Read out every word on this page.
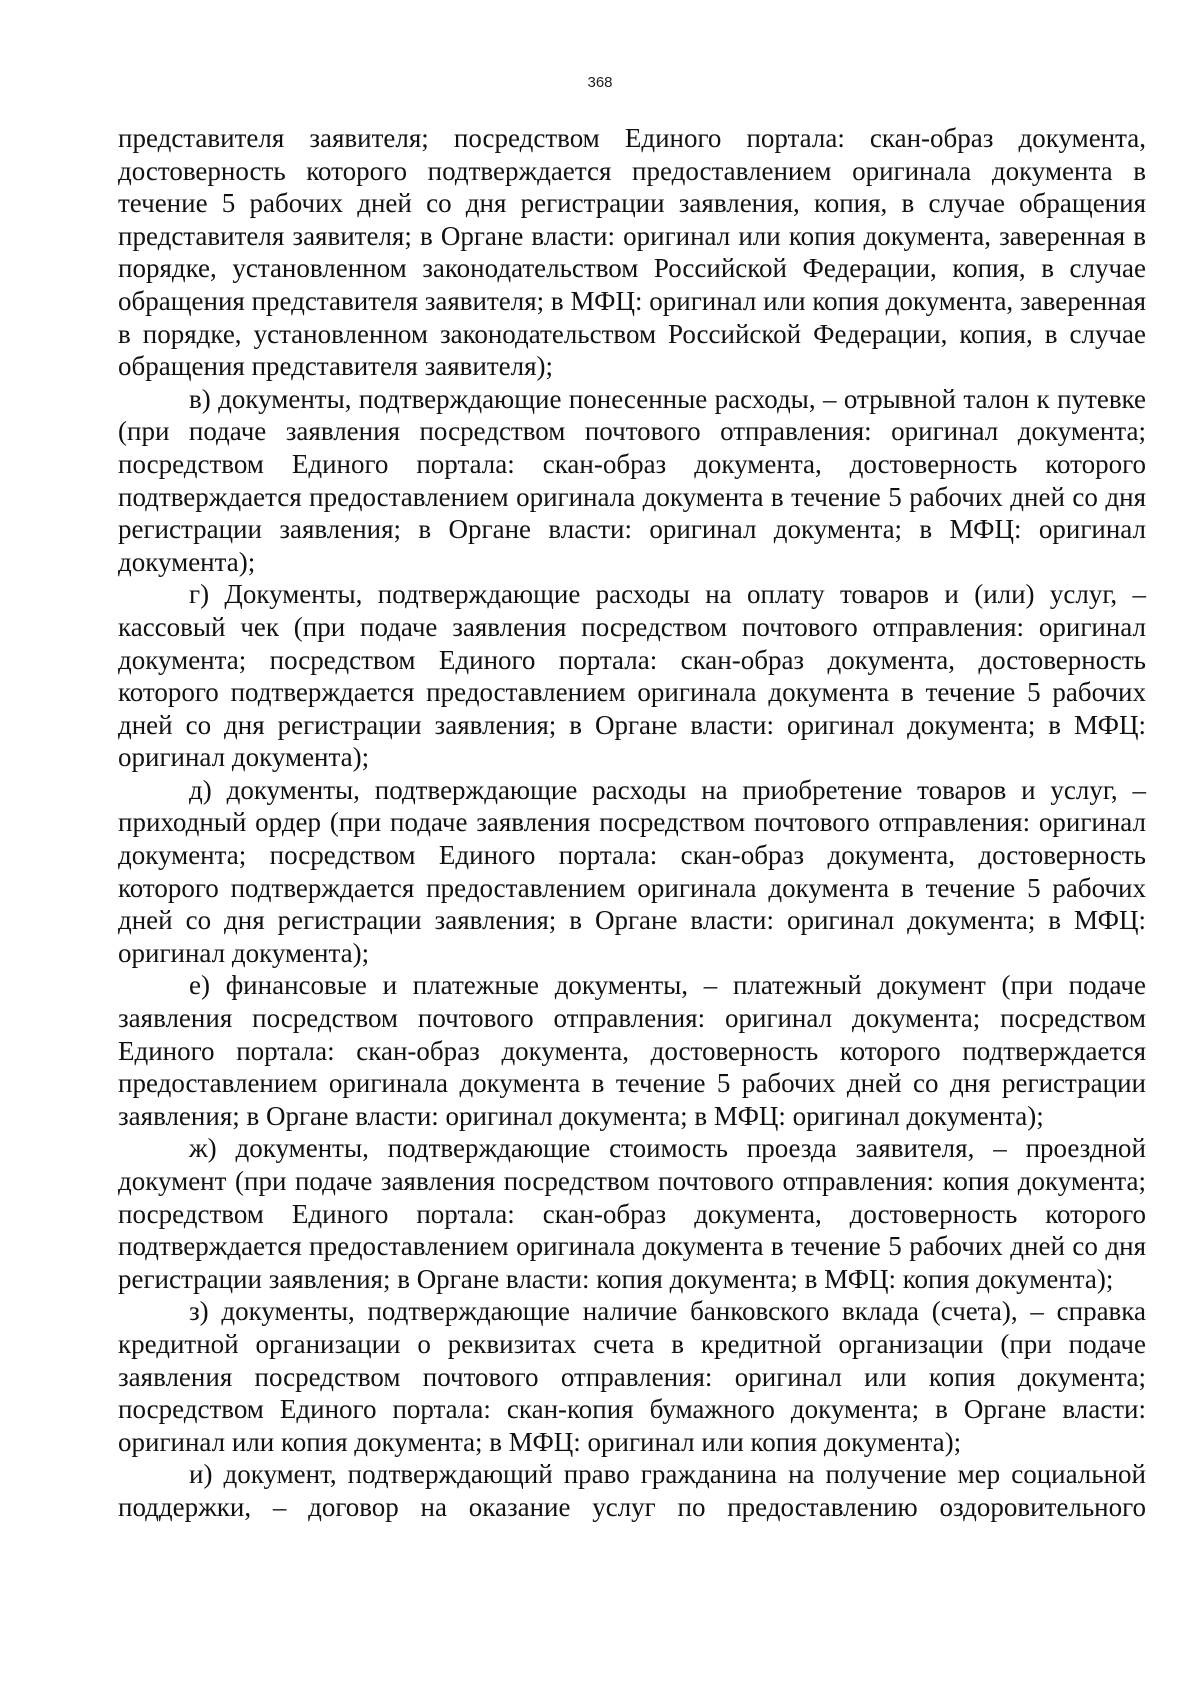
368

представителя заявителя; посредством Единого портала: скан-образ документа, достоверность которого подтверждается предоставлением оригинала документа в течение 5 рабочих дней со дня регистрации заявления, копия, в случае обращения представителя заявителя; в Органе власти: оригинал или копия документа, заверенная в порядке, установленном законодательством Российской Федерации, копия, в случае обращения представителя заявителя; в МФЦ: оригинал или копия документа, заверенная в порядке, установленном законодательством Российской Федерации, копия, в случае обращения представителя заявителя);

в) документы, подтверждающие понесенные расходы, – отрывной талон к путевке (при подаче заявления посредством почтового отправления: оригинал документа; посредством Единого портала: скан-образ документа, достоверность которого подтверждается предоставлением оригинала документа в течение 5 рабочих дней со дня регистрации заявления; в Органе власти: оригинал документа; в МФЦ: оригинал документа);

г) Документы, подтверждающие расходы на оплату товаров и (или) услуг, – кассовый чек (при подаче заявления посредством почтового отправления: оригинал документа; посредством Единого портала: скан-образ документа, достоверность которого подтверждается предоставлением оригинала документа в течение 5 рабочих дней со дня регистрации заявления; в Органе власти: оригинал документа; в МФЦ: оригинал документа);

д) документы, подтверждающие расходы на приобретение товаров и услуг, – приходный ордер (при подаче заявления посредством почтового отправления: оригинал документа; посредством Единого портала: скан-образ документа, достоверность которого подтверждается предоставлением оригинала документа в течение 5 рабочих дней со дня регистрации заявления; в Органе власти: оригинал документа; в МФЦ: оригинал документа);

е) финансовые и платежные документы, – платежный документ (при подаче заявления посредством почтового отправления: оригинал документа; посредством Единого портала: скан-образ документа, достоверность которого подтверждается предоставлением оригинала документа в течение 5 рабочих дней со дня регистрации заявления; в Органе власти: оригинал документа; в МФЦ: оригинал документа);

ж) документы, подтверждающие стоимость проезда заявителя, – проездной документ (при подаче заявления посредством почтового отправления: копия документа; посредством Единого портала: скан-образ документа, достоверность которого подтверждается предоставлением оригинала документа в течение 5 рабочих дней со дня регистрации заявления; в Органе власти: копия документа; в МФЦ: копия документа);

з) документы, подтверждающие наличие банковского вклада (счета), – справка кредитной организации о реквизитах счета в кредитной организации (при подаче заявления посредством почтового отправления: оригинал или копия документа; посредством Единого портала: скан-копия бумажного документа; в Органе власти: оригинал или копия документа; в МФЦ: оригинал или копия документа);

и) документ, подтверждающий право гражданина на получение мер социальной поддержки, – договор на оказание услуг по предоставлению оздоровительного
